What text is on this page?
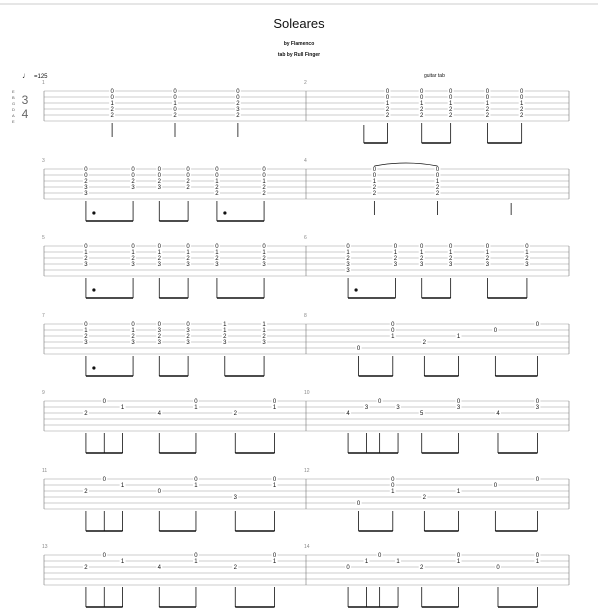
Soleares
by Flamenco
tab by Rull Finger
♩ =125	guitar tab
E
B
G
D
A
E
3
4
1
0
0
1
2
2
0
0
1
0
2
0
0
2
3
2
2
0
0
1
2
2
0
0
1
2
2
0
0
1
2
2
0
0
1
2
2
0
0
1
2
2
3
0
0
2
3
3
0
0
2
3
0
0
2
3
0
0
2
2
0
0
1
2
2
0
0
1
2
2
4
0
0
1
2
2
0
0
1
2
2
5
0
1
2
3
0
1
2
3
0
1
2
3
0
1
2
3
0
1
2
3
0
1
2
3
6
0
1
2
3
3
0
1
2
3
0
1
2
3
0
1
2
3
0
1
2
3
0
1
2
3
7
0
1
2
3
0
1
2
3
0
3
2
3
0
3
2
3
1
1
2
3
1
1
2
3
8
0
0
0
1
2
1
0
0
9
2
0
1
4
1
0
2
0
1
10
4
3
0
3
5
0
3
4
0
3
11
2
0
1
0
1
0
3
0
1
12
0
0
0
1
2
1
0
0
13
2
0
1
4
1
0
2
0
1
14
0
1
0
1
2
0
1
0
0
1
